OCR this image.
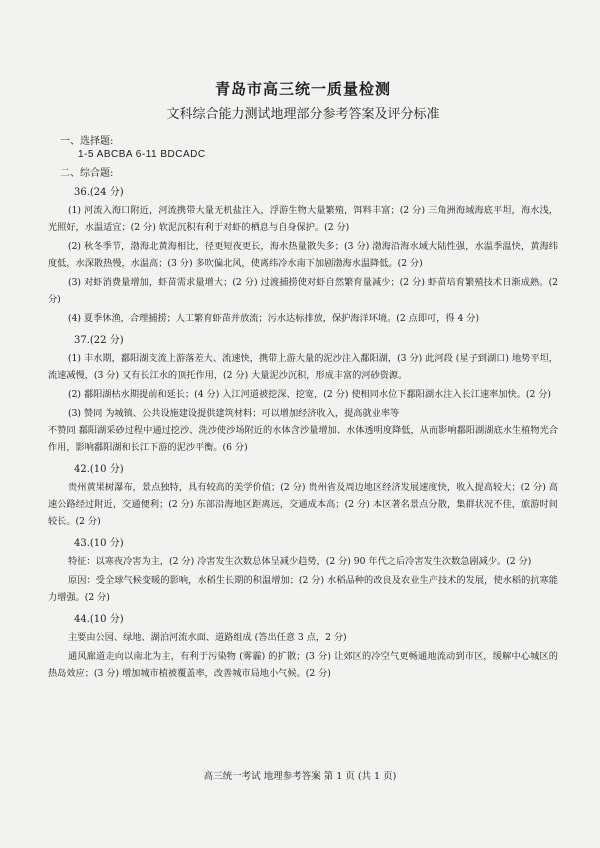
青岛市高三统一质量检测
文科综合能力测试地理部分参考答案及评分标准
一、选择题:
1-5 ABCBA 6-11 BDCADC
二、综合题:
36.(24 分)

(1) 河流入海口附近，河流携带大量无机盐注入，浮游生物大量繁殖，饵料丰富；(2 分) 三角洲海域海底平坦，海水浅，光照好，水温适宜；(2 分) 软泥沉积有利于对虾的栖息与自身保护。(2 分)

(2) 秋冬季节，渤海北黄海相比，径更短夜更长，海水热量散失多；(3 分) 渤海沿海水域大陆性强，水温季温快，黄海纬度低，水深散热慢，水温高；(3 分) 多吹偏北风，使离纬冷水南下加剧渤海水温降低。(2 分)

(3) 对虾消费量增加，虾苗需求量增大；(2 分) 过渡捕捞使对虾自然繁育量减少；(2 分) 虾苗培育繁殖技术日渐成熟。(2 分)

(4) 夏季休渔，合理捕捞；人工繁育虾苗并放流；污水达标排放，保护海洋环境。(2 点即可，得 4 分)

37.(22 分)

(1) 丰水期，鄱阳湖支流上游落差大、流速快，携带上游大量的泥沙注入鄱阳湖，(3 分) 此河段 (星子到湖口) 地势平坦，流速减慢，(3 分) 又有长江水的顶托作用，(2 分) 大量泥沙沉积，形成丰富的河砂资源。

(2) 鄱阳湖枯水期提前和延长；(4 分) 入江河道被挖深、挖宽，(2 分) 使相同水位下鄱阳湖水注入长江速率加快。(2 分)

(3) 赞同 为城镇、公共设施建设提供建筑材料；可以增加经济收入，提高就业率等
不赞同 鄱阳湖采砂过程中通过挖沙、洗沙使沙场附近的水体含沙量增加、水体透明度降低，从而影响鄱阳湖湖底水生植物光合作用，影响鄱阳湖和长江下游的泥沙平衡。(6 分)

42.(10 分)

贵州黄果树瀑布，景点独特，具有较高的美学价值；(2 分) 贵州省及周边地区经济发展速度快，收入提高较大；(2 分) 高速公路经过附近，交通便利；(2 分) 东部沿海地区距离远，交通成本高；(2 分) 本区著名景点分散，集群状况不佳，旅游时间较长。(2 分)

43.(10 分)

特征：以寒夜冷害为主，(2 分) 冷害发生次数总体呈减少趋势，(2 分) 90 年代之后冷害发生次数急剧减少。(2 分)

原因：受全球气候变暖的影响，水稻生长期的积温增加；(2 分) 水稻品种的改良及农业生产技术的发展，使水稻的抗寒能力增强。(2 分)

44.(10 分)

主要由公园、绿地、湖泊河流水面、道路组成 (答出任意 3 点，2 分)

通风廊道走向以南北为主，有利于污染物 (雾霾) 的扩散；(3 分) 让郊区的冷空气更畅通地流动到市区，缓解中心城区的热岛效应；(3 分) 增加城市植被覆盖率，改善城市局地小气候。(2 分)

高三统一考试 地理参考答案 第 1 页 (共 1 页)
